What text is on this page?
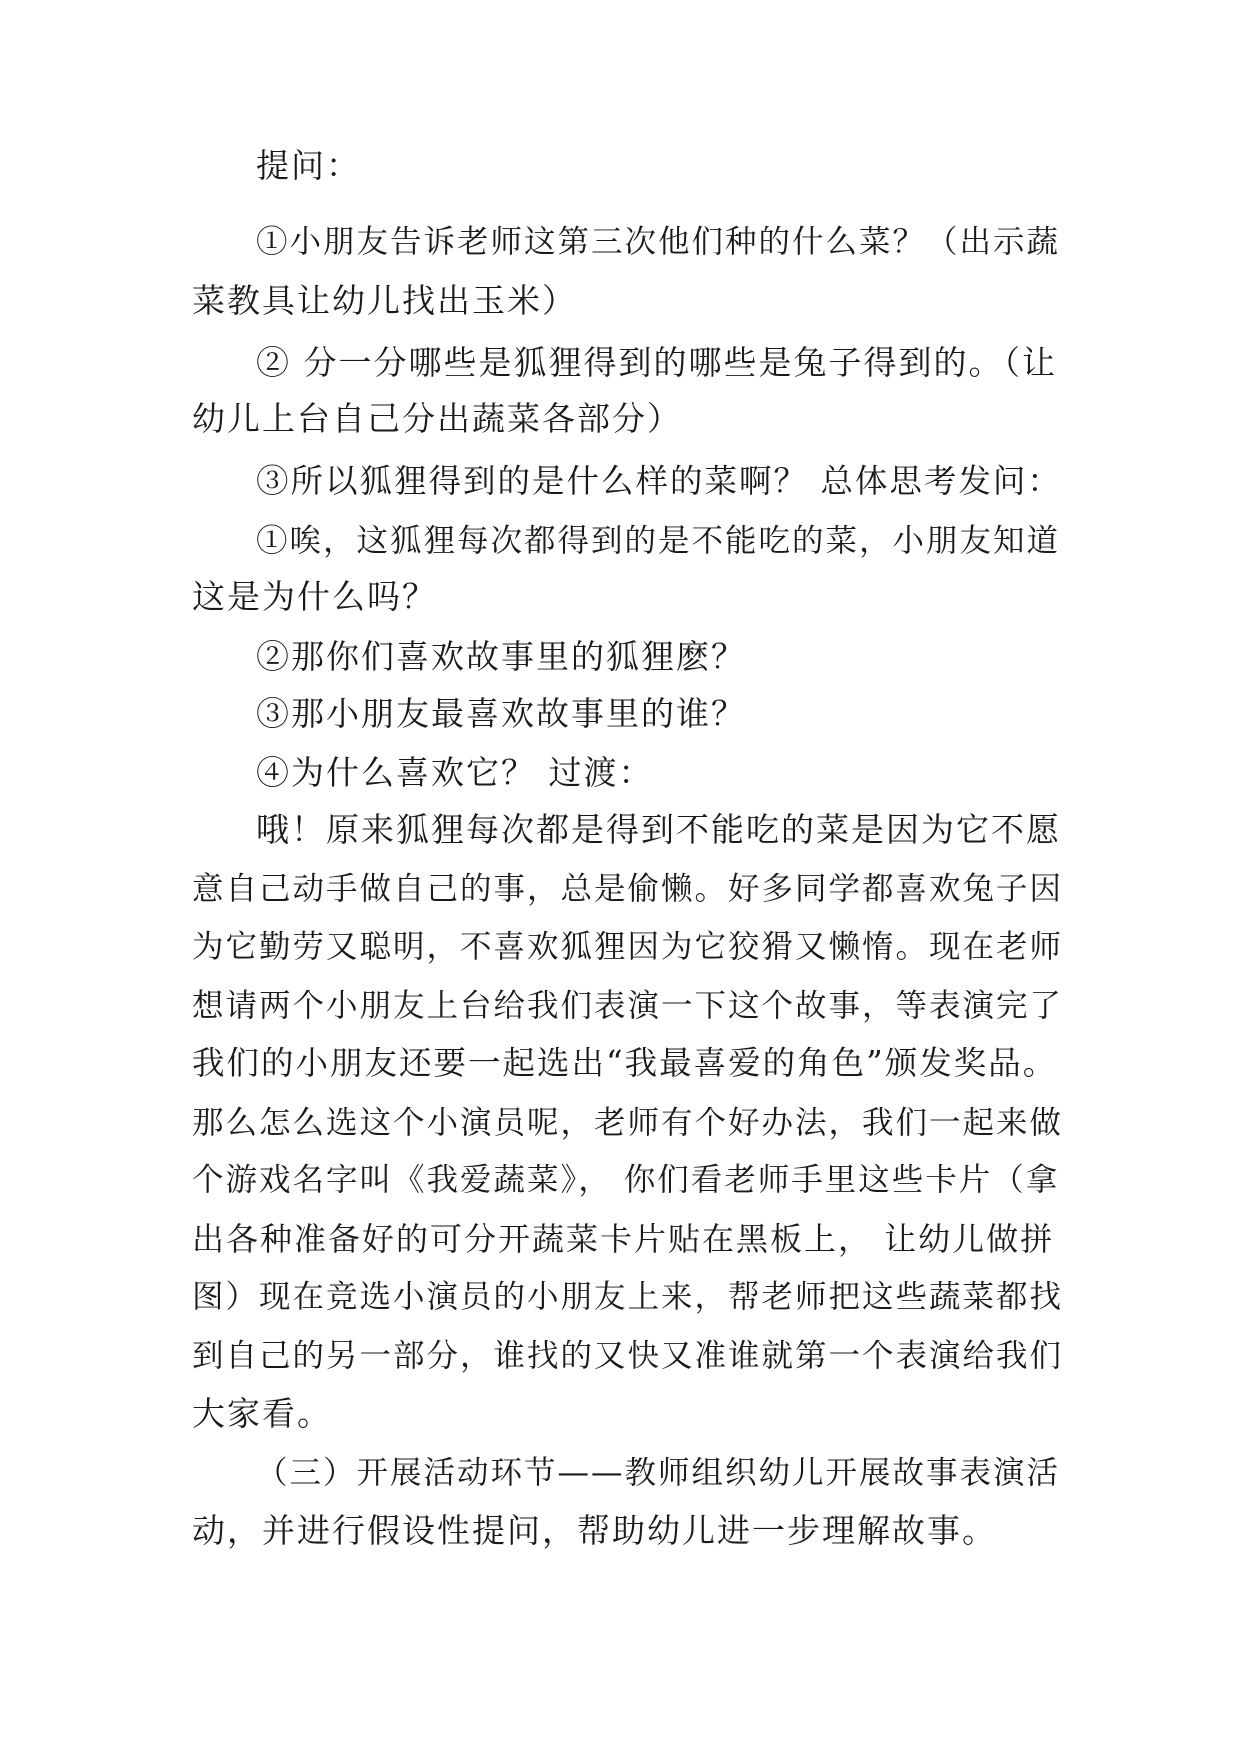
提问：
①小朋友告诉老师这第三次他们种的什么菜？（出示蔬
菜教具让幼儿找出玉米）
② 分一分哪些是狐狸得到的哪些是兔子得到的。（让
幼儿上台自己分出蔬菜各部分）
③所以狐狸得到的是什么样的菜啊？ 总体思考发问：
①唉，这狐狸每次都得到的是不能吃的菜，小朋友知道
这是为什么吗？
②那你们喜欢故事里的狐狸麽？
③那小朋友最喜欢故事里的谁？
④为什么喜欢它？ 过渡：
哦！原来狐狸每次都是得到不能吃的菜是因为它不愿
意自己动手做自己的事，总是偷懒。好多同学都喜欢兔子因
为它勤劳又聪明，不喜欢狐狸因为它狡猾又懒惰。现在老师
想请两个小朋友上台给我们表演一下这个故事，等表演完了
我们的小朋友还要一起选出“我最喜爱的角色”颁发奖品。
那么怎么选这个小演员呢，老师有个好办法，我们一起来做
个游戏名字叫《我爱蔬菜》， 你们看老师手里这些卡片（拿
出各种准备好的可分开蔬菜卡片贴在黑板上， 让幼儿做拼
图）现在竞选小演员的小朋友上来，帮老师把这些蔬菜都找
到自己的另一部分，谁找的又快又准谁就第一个表演给我们
大家看。
（三）开展活动环节——教师组织幼儿开展故事表演活
动，并进行假设性提问，帮助幼儿进一步理解故事。
